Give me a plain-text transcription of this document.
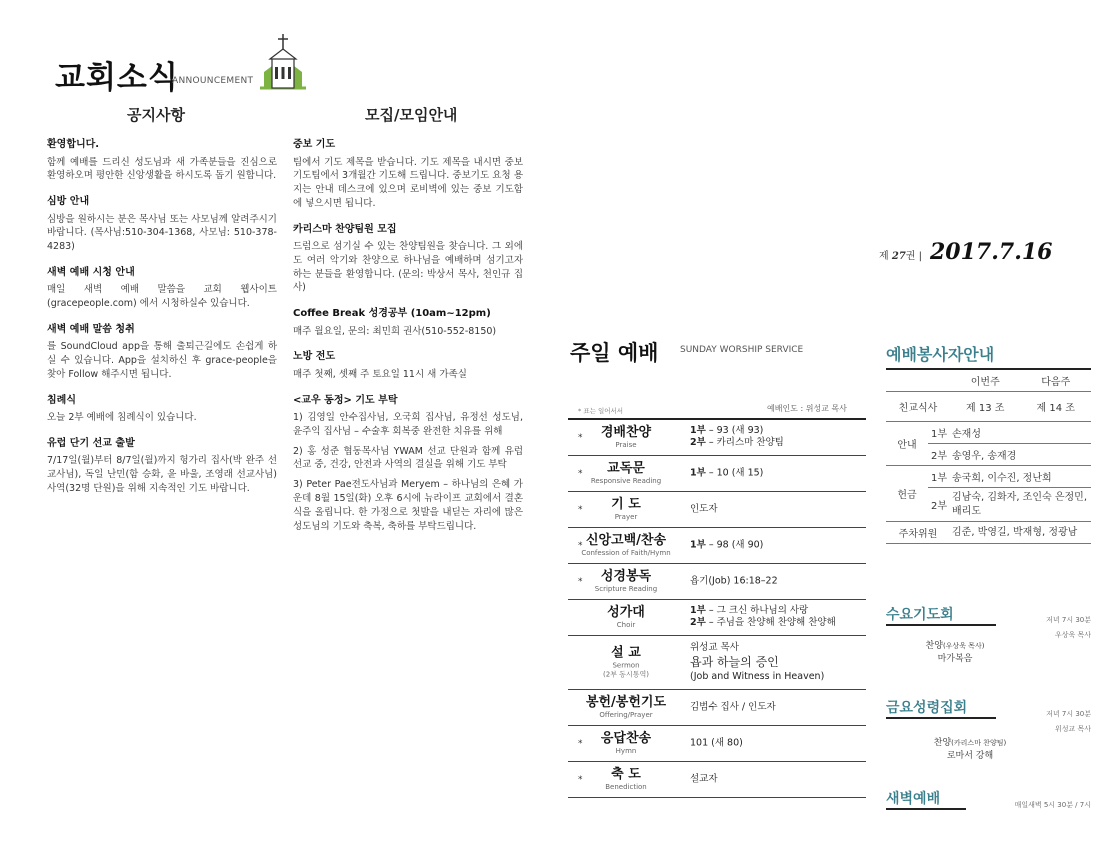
교회소식
ANNOUNCEMENT
공지사항	모집/모임안내
환영합니다.
함께 예배를 드리신 성도님과 새 가족분들을 진심으로 환영하오며 평안한 신앙생활을 하시도록 돕기 원합니다.
심방 안내
심방을 원하시는 분은 목사님 또는 사모님께 알려주시기 바랍니다. (목사님:510-304-1368, 사모님: 510-378-4283)
새벽 예배 시청 안내
매일 새벽 예배 말씀을 교회 웹사이트(gracepeople.com) 에서 시청하실수 있습니다.
새벽 예배 말씀 청취
를 SoundCloud app을 통해 출퇴근길에도 손쉽게 하실 수 있습니다. App을 설치하신 후 grace-people을 찾아 Follow 해주시면 됩니다.
침례식
오늘 2부 예배에 침례식이 있습니다.
유럽 단기 선교 출발
7/17일(월)부터 8/7일(월)까지 헝가리 집사(박 완주 선교사님), 독일 난민(함 승화, 윤 바울, 조영래 선교사님) 사역(32명 단원)을 위해 지속적인 기도 바랍니다.
중보 기도
팀에서 기도 제목을 받습니다. 기도 제목을 내시면 중보 기도팀에서 3개월간 기도해 드립니다. 중보기도 요청 용지는 안내 데스크에 있으며 로비벽에 있는 중보 기도함에 넣으시면 됩니다.
카리스마 찬양팀원 모집
드럼으로 섬기실 수 있는 찬양팀원을 찾습니다. 그 외에도 여러 악기와 찬양으로 하나님을 예배하며 섬기고자 하는 분들을 환영합니다. (문의: 박상서 목사, 천인규 집사)
Coffee Break 성경공부 (10am~12pm)
매주 월요일, 문의: 최민희 권사(510-552-8150)
노방 전도
매주 첫째, 셋째 주 토요일 11시 새 가족실
<교우 동정> 기도 부탁
1) 김영일 안수집사님, 오국희 집사님, 유정선 성도님, 윤주익 집사님 – 수술후 회복중 완전한 치유를 위해
2) 홍 성준 협동목사님 YWAM 선교 단원과 함께 유럽 선교 중, 건강, 안전과 사역의 결실을 위해 기도 부탁
3) Peter Pae전도사님과 Meryem – 하나님의 은혜 가운데 8월 15일(화) 오후 6시에 뉴라이프 교회에서 결혼식을 올립니다. 한 가정으로 첫발을 내딛는 자리에 많은 성도님의 기도와 축복, 축하를 부탁드립니다.
제 27권 | 2017.7.16
주일 예배 SUNDAY WORSHIP SERVICE
* 표는 일어서서	예배인도 : 위성교 목사
*	경배찬양
Praise
1부 – 93 (새 93)
2부 – 카리스마 찬양팀
*	교독문
Responsive Reading
1부 – 10 (새 15)
*	기 도
Prayer
인도자
* 신앙고백/찬송
Confession of Faith/Hymn
1부 – 98 (새 90)
*	성경봉독
Scripture Reading
욥기(Job) 16:18–22
성가대
Choir
1부 – 그 크신 하나님의 사랑
2부 – 주님을 찬양해 찬양해 찬양해
설 교
Sermon
(2부 동시통역)
위성교 목사
욥과 하늘의 증인
(Job and Witness in Heaven)
봉헌/봉헌기도
Offering/Prayer
김범수 집사 / 인도자
*	응답찬송
Hymn
101 (새 80)
*	축 도
Benediction
설교자
예배봉사자안내
		이번주	다음주
친교식사		제 13 조	제 14 조
안내	1부	손재성	
	2부	송영우, 송재경	
헌금	1부	송국희, 이수진, 정난희	
	2부	김남숙, 김화자, 조인숙 은정민, 배리도	
주차위원		김준, 박영길, 박재형, 정광남	
수요기도회	저녁 7시 30분
우상욱 목사
찬양(우상욱 목사)
마가복음
금요성령집회	저녁 7시 30분
위성교 목사
찬양(카리스마 찬양팀)
로마서 강해
새벽예배	매일새벽 5시 30분 / 7시
